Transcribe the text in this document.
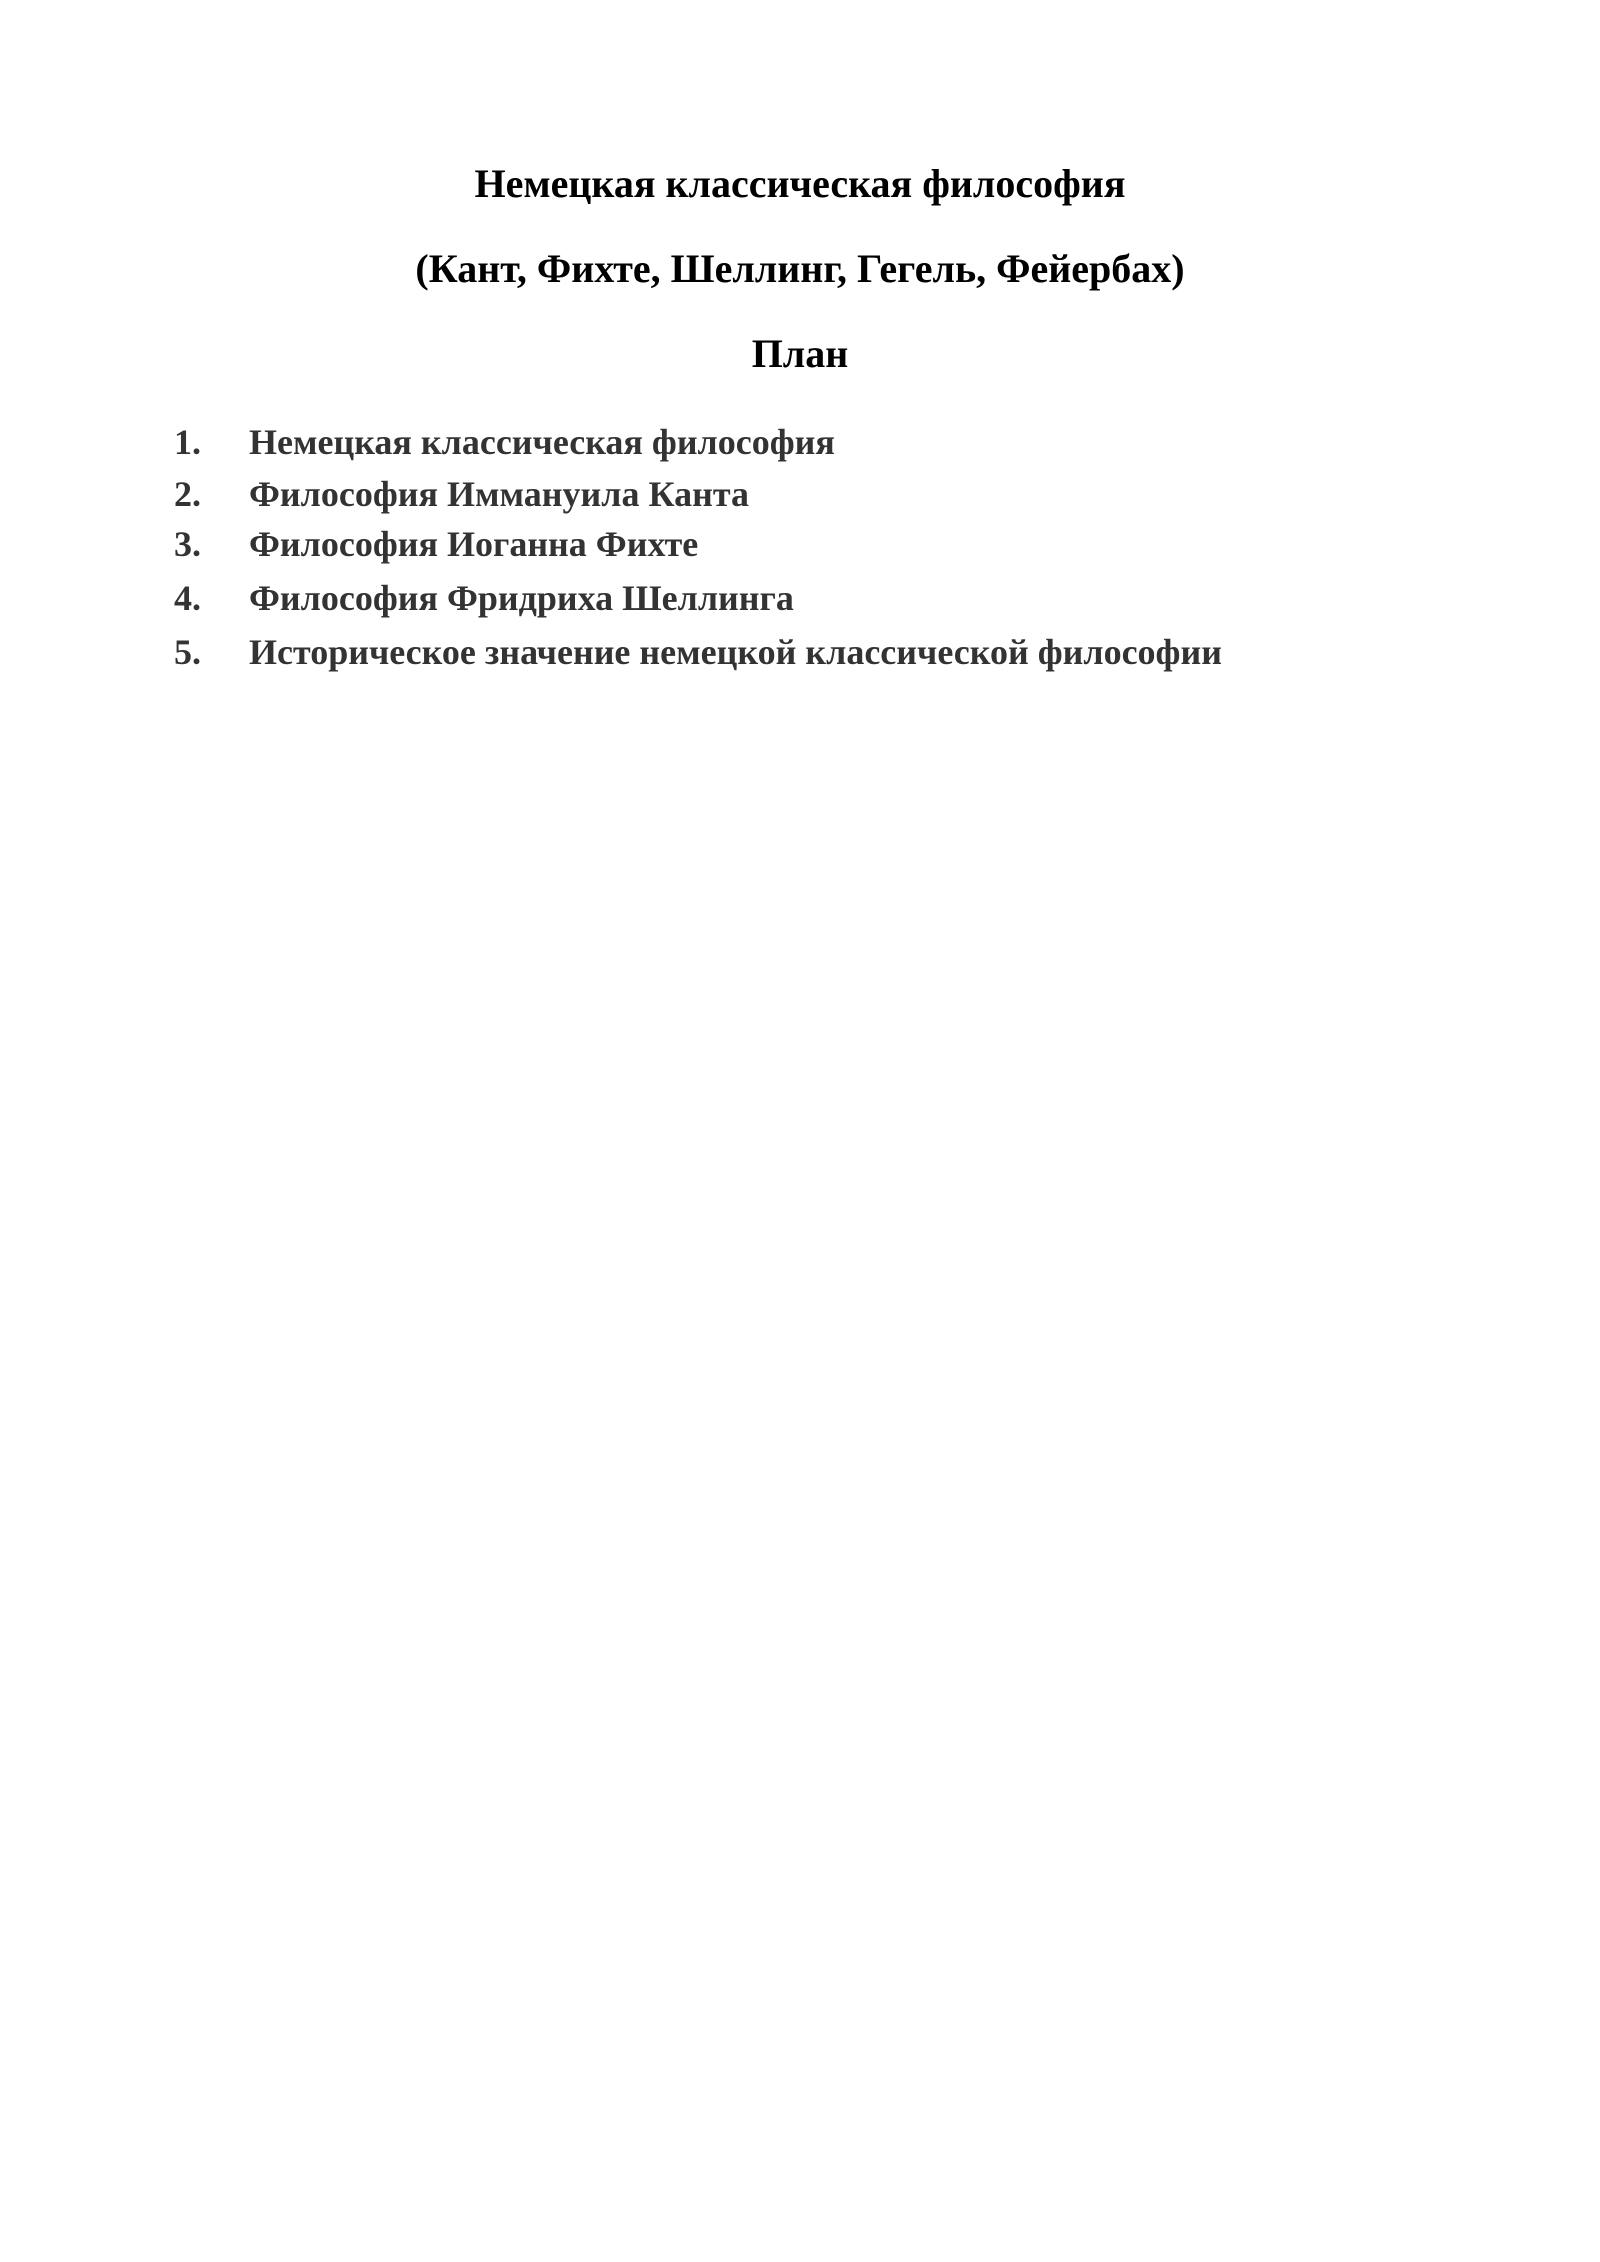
Немецкая классическая философия
(Кант, Фихте, Шеллинг, Гегель, Фейербах)
План
1. Немецкая классическая философия
2. Философия Иммануила Канта
3. Философия Иоганна Фихте
4. Философия Фридриха Шеллинга
5. Историческое значение немецкой классической философии
